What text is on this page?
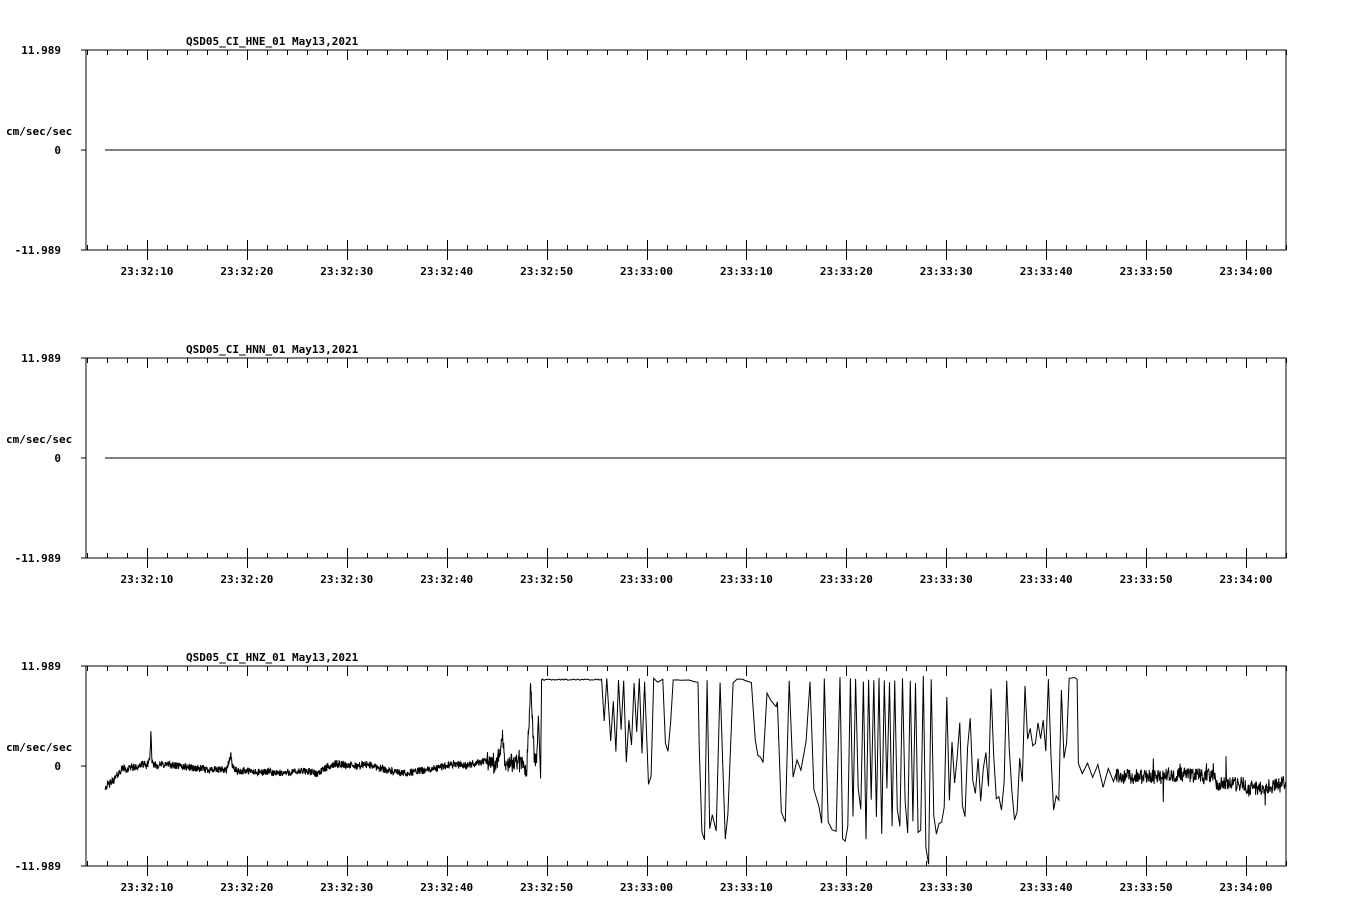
QSD05_CI_HNE_01 May13,2021
11.989
0
-11.989
cm/sec/sec
23:32:10	23:32:20	23:32:30	23:32:40	23:32:50	23:33:00	23:33:10	23:33:20	23:33:30	23:33:40	23:33:50	23:34:00
QSD05_CI_HNN_01 May13,2021
11.989
0
-11.989
cm/sec/sec
23:32:10	23:32:20	23:32:30	23:32:40	23:32:50	23:33:00	23:33:10	23:33:20	23:33:30	23:33:40	23:33:50	23:34:00
QSD05_CI_HNZ_01 May13,2021
11.989
0
-11.989
cm/sec/sec
23:32:10	23:32:20	23:32:30	23:32:40	23:32:50	23:33:00	23:33:10	23:33:20	23:33:30	23:33:40	23:33:50	23:34:00
